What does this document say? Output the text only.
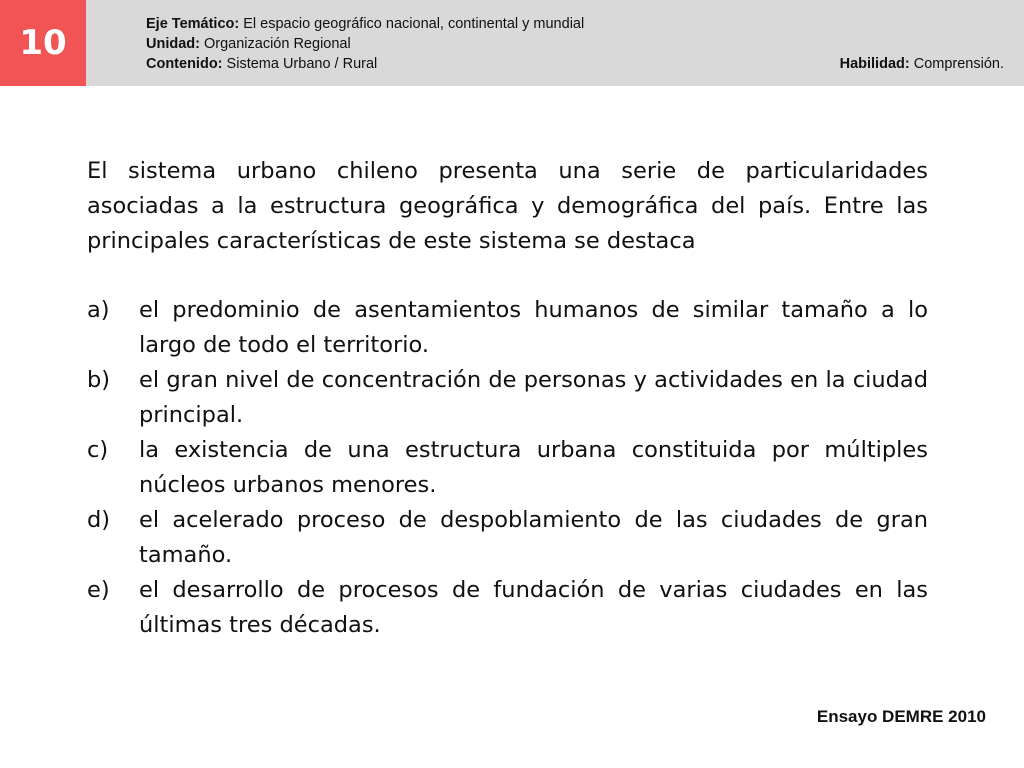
10	Eje Temático: El espacio geográfico nacional, continental y mundial
Unidad: Organización Regional
Contenido: Sistema Urbano / Rural	Habilidad: Comprensión.

El sistema urbano chileno presenta una serie de particularidades asociadas a la estructura geográfica y demográfica del país. Entre las principales características de este sistema se destaca

a)	el predominio de asentamientos humanos de similar tamaño a lo largo de todo el territorio.
b)	el gran nivel de concentración de personas y actividades en la ciudad principal.
c)	la existencia de una estructura urbana constituida por múltiples núcleos urbanos menores.
d)	el acelerado proceso de despoblamiento de las ciudades de gran tamaño.
e)	el desarrollo de procesos de fundación de varias ciudades en las últimas tres décadas.
Ensayo DEMRE 2010
